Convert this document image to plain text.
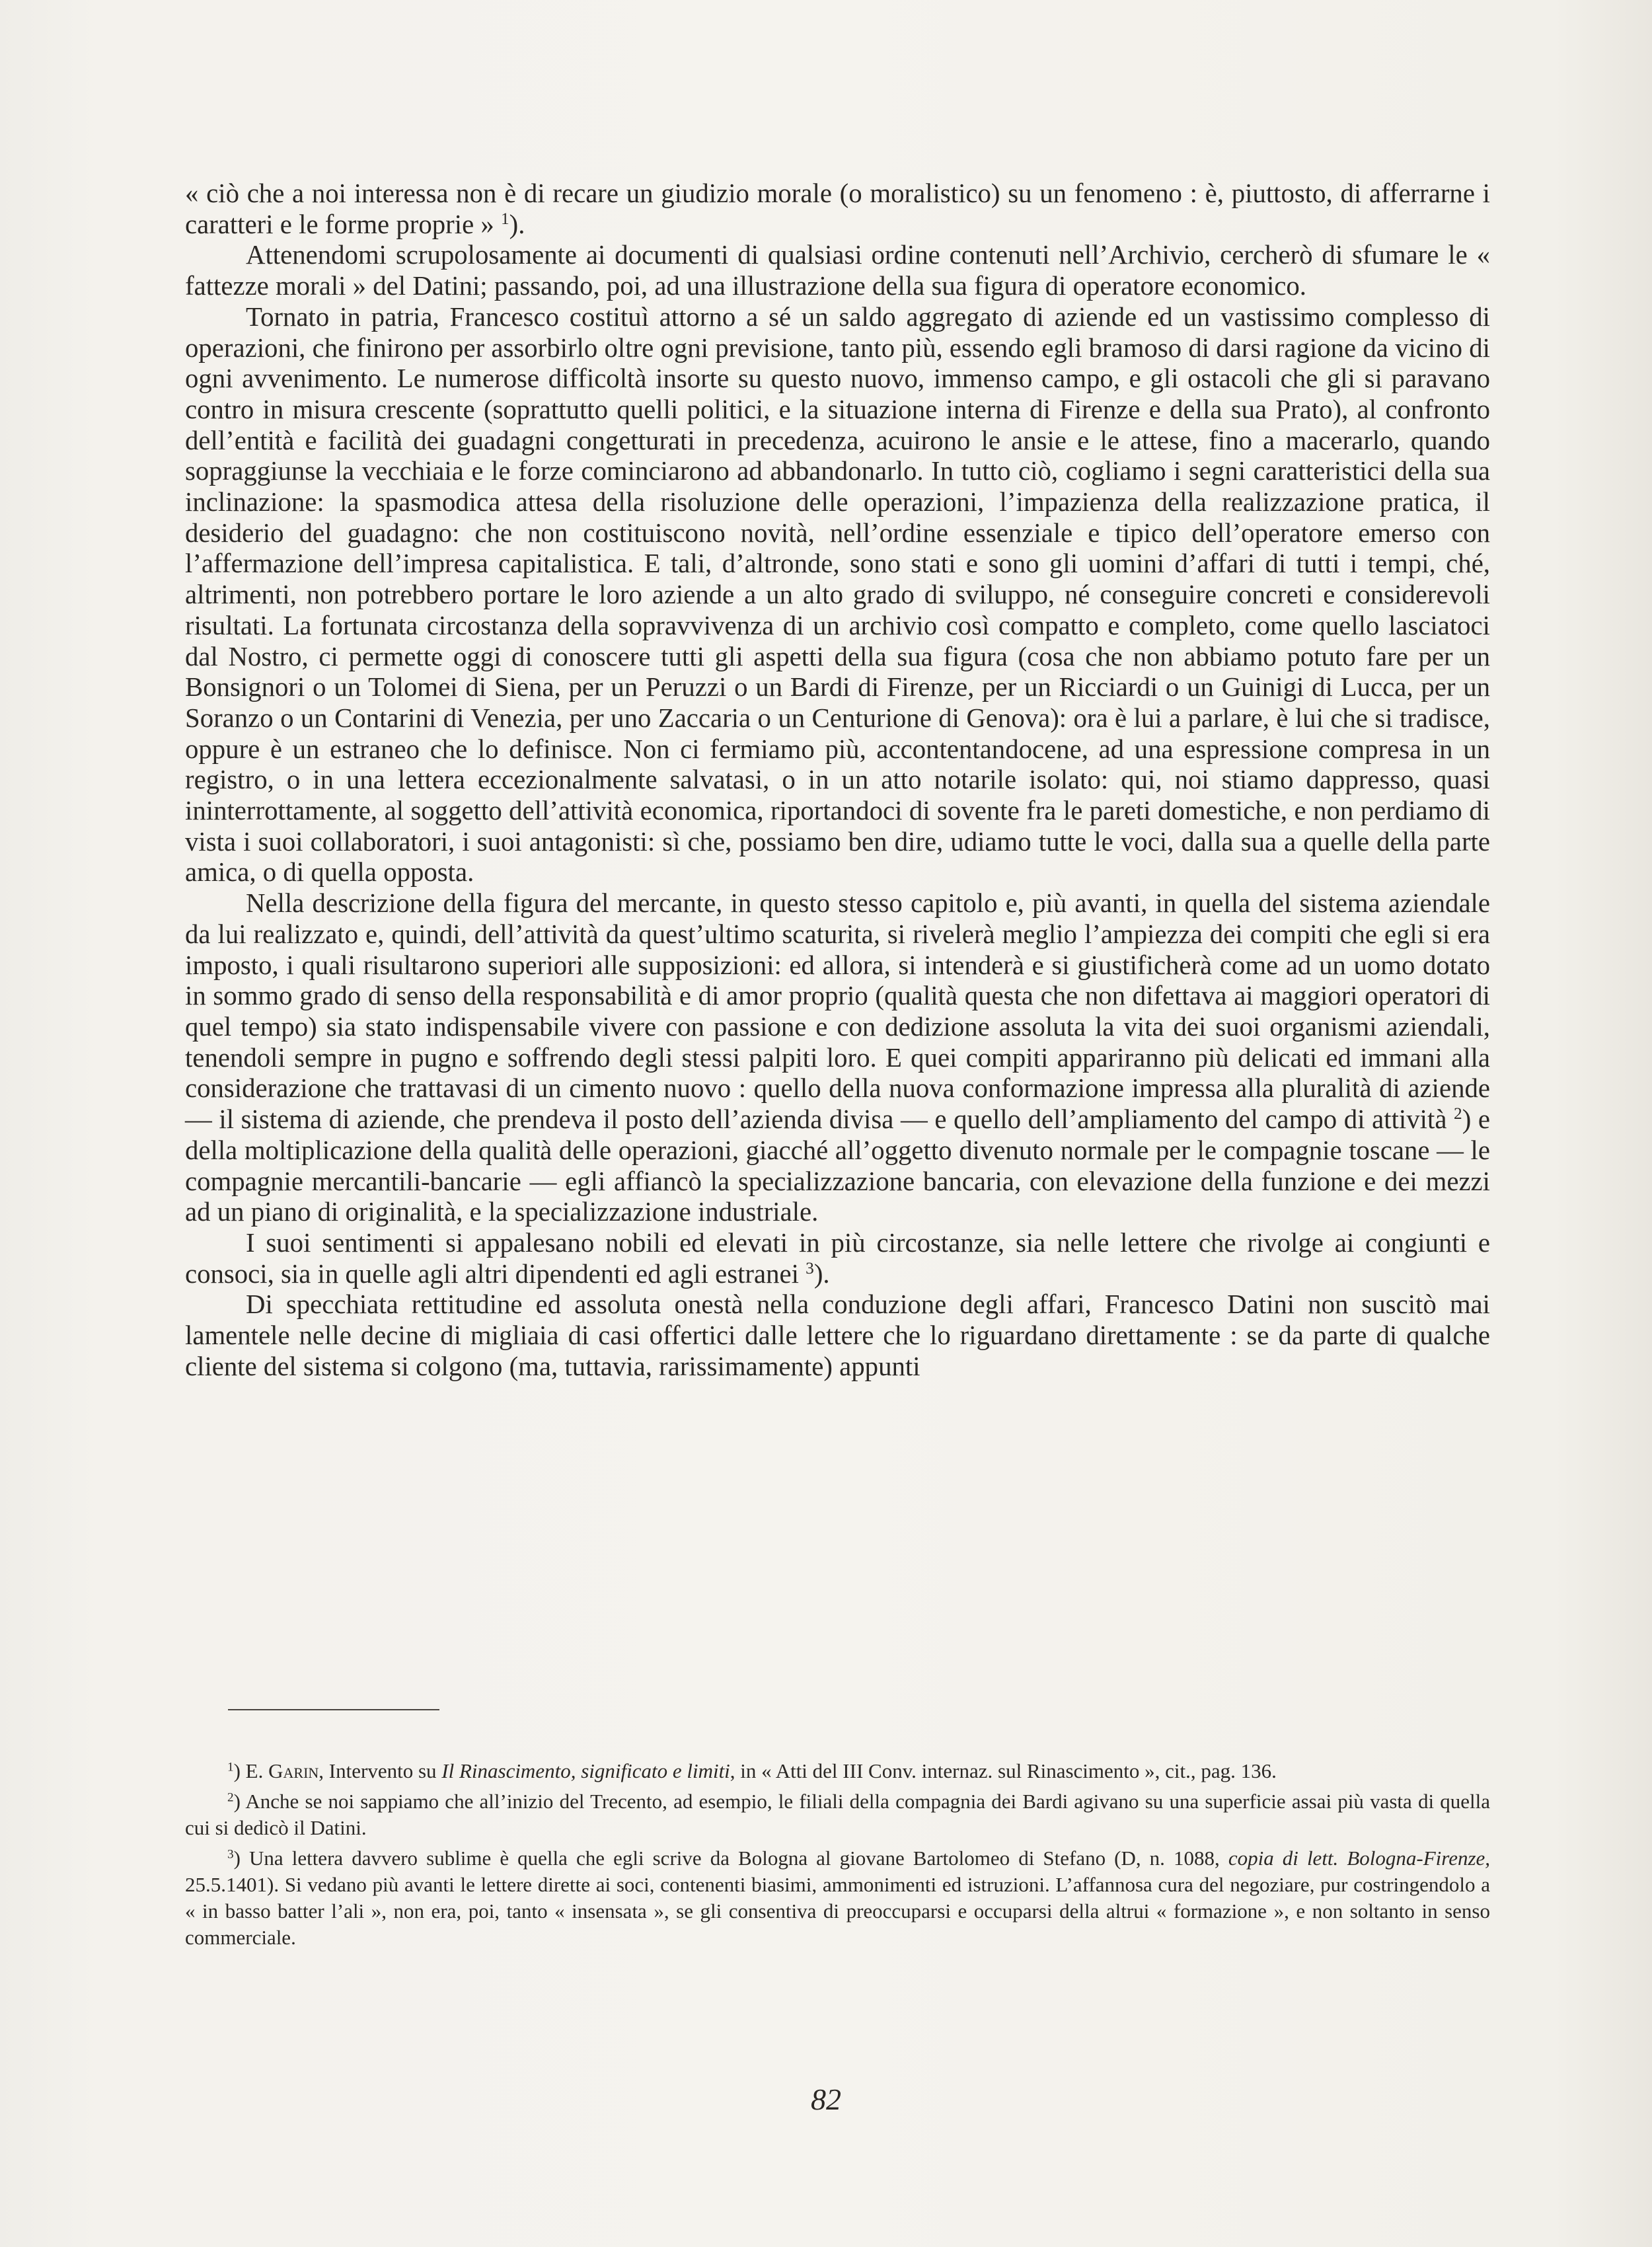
« ciò che a noi interessa non è di recare un giudizio morale (o moralistico) su un fenomeno : è, piuttosto, di afferrarne i caratteri e le forme proprie » $^1$).

Attenendomi scrupolosamente ai documenti di qualsiasi ordine contenuti nell’Archivio, cercherò di sfumare le « fattezze morali » del Datini; passando, poi, ad una illustrazione della sua figura di operatore economico.

Tornato in patria, Francesco costituì attorno a sé un saldo aggregato di aziende ed un vastissimo complesso di operazioni, che finirono per assorbirlo oltre ogni previsione, tanto più, essendo egli bramoso di darsi ragione da vicino di ogni avvenimento. Le numerose difficoltà insorte su questo nuovo, immenso campo, e gli ostacoli che gli si paravano contro in misura crescente (soprattutto quelli politici, e la situazione interna di Firenze e della sua Prato), al confronto dell’entità e facilità dei guadagni congetturati in precedenza, acuirono le ansie e le attese, fino a macerarlo, quando sopraggiunse la vecchiaia e le forze cominciarono ad abbandonarlo. In tutto ciò, cogliamo i segni caratteristici della sua inclinazione: la spasmodica attesa della risoluzione delle operazioni, l’impazienza della realizzazione pratica, il desiderio del guadagno: che non costituiscono novità, nell’ordine essenziale e tipico dell’operatore emerso con l’affermazione dell’impresa capitalistica. E tali, d’altronde, sono stati e sono gli uomini d’affari di tutti i tempi, ché, altrimenti, non potrebbero portare le loro aziende a un alto grado di sviluppo, né conseguire concreti e considerevoli risultati. La fortunata circostanza della sopravvivenza di un archivio così compatto e completo, come quello lasciatoci dal Nostro, ci permette oggi di conoscere tutti gli aspetti della sua figura (cosa che non abbiamo potuto fare per un Bonsignori o un Tolomei di Siena, per un Peruzzi o un Bardi di Firenze, per un Ricciardi o un Guinigi di Lucca, per un Soranzo o un Contarini di Venezia, per uno Zaccaria o un Centurione di Genova): ora è lui a parlare, è lui che si tradisce, oppure è un estraneo che lo definisce. Non ci fermiamo più, accontentandocene, ad una espressione compresa in un registro, o in una lettera eccezionalmente salvatasi, o in un atto notarile isolato: qui, noi stiamo dappresso, quasi ininterrottamente, al soggetto dell’attività economica, riportandoci di sovente fra le pareti domestiche, e non perdiamo di vista i suoi collaboratori, i suoi antagonisti: sì che, possiamo ben dire, udiamo tutte le voci, dalla sua a quelle della parte amica, o di quella opposta.

Nella descrizione della figura del mercante, in questo stesso capitolo e, più avanti, in quella del sistema aziendale da lui realizzato e, quindi, dell’attività da quest’ultimo scaturita, si rivelerà meglio l’ampiezza dei compiti che egli si era imposto, i quali risultarono superiori alle supposizioni: ed allora, si intenderà e si giustificherà come ad un uomo dotato in sommo grado di senso della responsabilità e di amor proprio (qualità questa che non difettava ai maggiori operatori di quel tempo) sia stato indispensabile vivere con passione e con dedizione assoluta la vita dei suoi organismi aziendali, tenendoli sempre in pugno e soffrendo degli stessi palpiti loro. E quei compiti appariranno più delicati ed immani alla considerazione che trattavasi di un cimento nuovo : quello della nuova conformazione impressa alla pluralità di aziende — il sistema di aziende, che prendeva il posto dell’azienda divisa — e quello dell’ampliamento del campo di attività $^2$) e della moltiplicazione della qualità delle operazioni, giacché all’oggetto divenuto normale per le compagnie toscane — le compagnie mercantili-bancarie — egli affiancò la specializzazione bancaria, con elevazione della funzione e dei mezzi ad un piano di originalità, e la specializzazione industriale.

I suoi sentimenti si appalesano nobili ed elevati in più circostanze, sia nelle lettere che rivolge ai congiunti e consoci, sia in quelle agli altri dipendenti ed agli estranei $^3$).

Di specchiata rettitudine ed assoluta onestà nella conduzione degli affari, Francesco Datini non suscitò mai lamentele nelle decine di migliaia di casi offertici dalle lettere che lo riguardano direttamente : se da parte di qualche cliente del sistema si colgono (ma, tuttavia, rarissimamente) appunti

$^1$) E. Garin, Intervento su Il Rinascimento, significato e limiti, in « Atti del III Conv. internaz. sul Rinascimento », cit., pag. 136.

$^2$) Anche se noi sappiamo che all’inizio del Trecento, ad esempio, le filiali della compagnia dei Bardi agivano su una superficie assai più vasta di quella cui si dedicò il Datini.

$^3$) Una lettera davvero sublime è quella che egli scrive da Bologna al giovane Bartolomeo di Stefano (D, n. 1088, copia di lett. Bologna-Firenze, 25.5.1401). Si vedano più avanti le lettere dirette ai soci, contenenti biasimi, ammonimenti ed istruzioni. L’affannosa cura del negoziare, pur costringendolo a « in basso batter l’ali », non era, poi, tanto « insensata », se gli consentiva di preoccuparsi e occuparsi della altrui « formazione », e non soltanto in senso commerciale.

82
